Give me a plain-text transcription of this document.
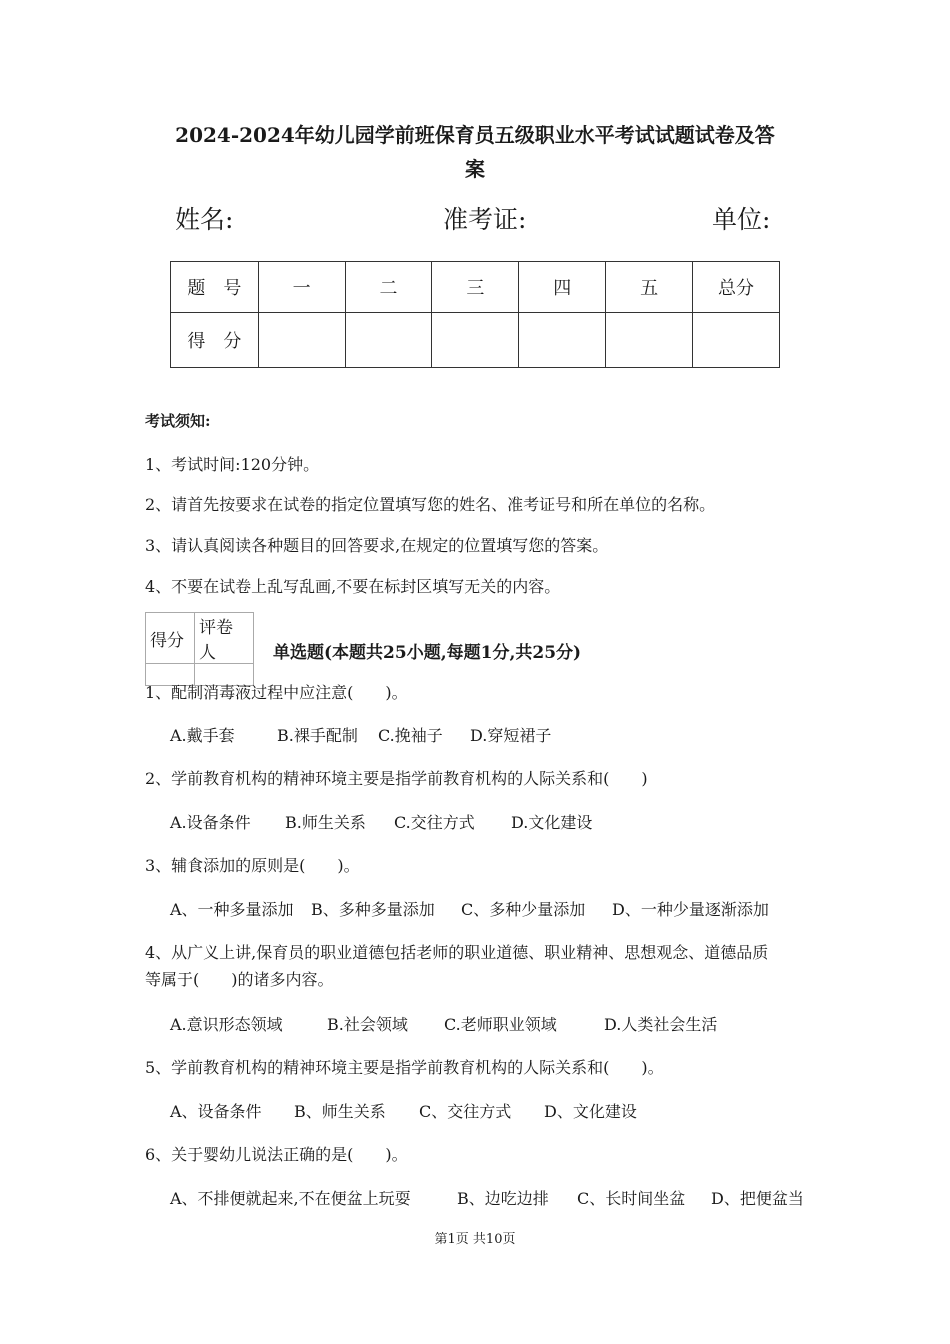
2024-2024年幼儿园学前班保育员五级职业水平考试试题试卷及答
案
姓名:	准考证:	单位:
题　号	一	二	三	四	五	总分
得　分						
考试须知:
1、考试时间:120分钟。
2、请首先按要求在试卷的指定位置填写您的姓名、准考证号和所在单位的名称。
3、请认真阅读各种题目的回答要求,在规定的位置填写您的答案。
4、不要在试卷上乱写乱画,不要在标封区填写无关的内容。
得分	评卷人
		单选题(本题共25小题,每题1分,共25分)
1、配制消毒液过程中应注意(　　)。
A.戴手套	B.裸手配制 C.挽袖子 D.穿短裙子
2、学前教育机构的精神环境主要是指学前教育机构的人际关系和(　　)
A.设备条件 B.师生关系 C.交往方式 D.文化建设
3、辅食添加的原则是(　　)。
A、一种多量添加 B、多种多量添加 C、多种少量添加 D、一种少量逐渐添加
4、从广义上讲,保育员的职业道德包括老师的职业道德、职业精神、思想观念、道德品质
等属于(　　)的诸多内容。
A.意识形态领域	B.社会领域 C.老师职业领域	D.人类社会生活
5、学前教育机构的精神环境主要是指学前教育机构的人际关系和(　　)。
A、设备条件 B、师生关系 C、交往方式 D、文化建设
6、关于婴幼儿说法正确的是(　　)。
A、不排便就起来,不在便盆上玩耍	B、边吃边排 C、长时间坐盆 D、把便盆当
第1页 共10页
